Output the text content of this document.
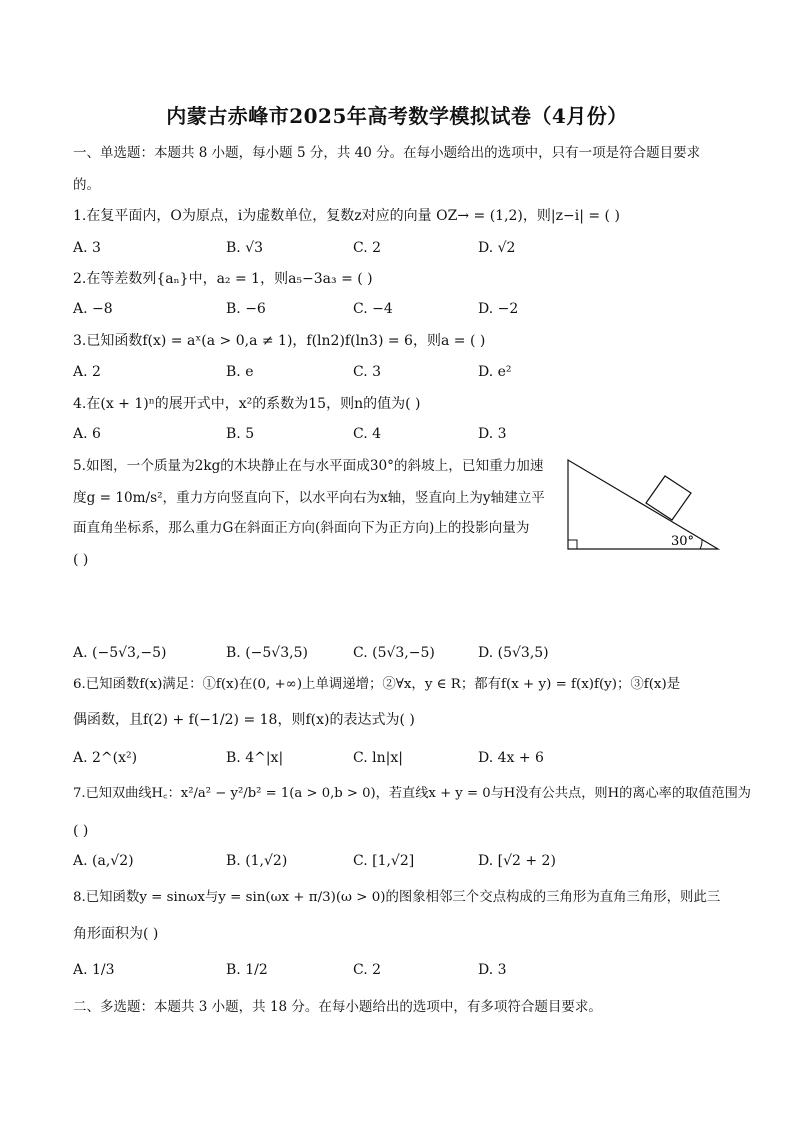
内蒙古赤峰市2025年高考数学模拟试卷（4月份）
一、单选题：本题共 8 小题，每小题 5 分，共 40 分。在每小题给出的选项中，只有一项是符合题目要求
的。
1.在复平面内，O为原点，i为虚数单位，复数z对应的向量 OZ→ = (1,2)，则|z−i| = ( )
A. 3	B. √3	C. 2	D. √2
2.在等差数列{aₙ}中，a₂ = 1，则a₅−3a₃ = ( )
A. −8	B. −6	C. −4	D. −2
3.已知函数f(x) = aˣ(a > 0,a ≠ 1)，f(ln2)f(ln3) = 6，则a = ( )
A. 2	B. e	C. 3	D. e²
4.在(x + 1)ⁿ的展开式中，x²的系数为15，则n的值为( )
A. 6	B. 5	C. 4	D. 3
5.如图，一个质量为2kg的木块静止在与水平面成30°的斜坡上，已知重力加速
度g = 10m/s²，重力方向竖直向下，以水平向右为x轴，竖直向上为y轴建立平
面直角坐标系，那么重力G在斜面正方向(斜面向下为正方向)上的投影向量为
( )
30°
A. (−5√3,−5)	B. (−5√3,5)	C. (5√3,−5)	D. (5√3,5)
6.已知函数f(x)满足：①f(x)在(0, +∞)上单调递增；②∀x，y ∈ R；都有f(x + y) = f(x)f(y)；③f(x)是
偶函数，且f(2) + f(−1/2) = 18，则f(x)的表达式为( )
A. 2^(x²)	B. 4^|x|	C. ln|x|	D. 4x + 6
7.已知双曲线H꜀：x²/a² − y²/b² = 1(a > 0,b > 0)，若直线x + y = 0与H没有公共点，则H的离心率的取值范围为
( )
A. (a,√2)	B. (1,√2)	C. [1,√2]	D. [√2 + 2)
8.已知函数y = sinωx与y = sin(ωx + π/3)(ω > 0)的图象相邻三个交点构成的三角形为直角三角形，则此三
角形面积为( )
A. 1/3	B. 1/2	C. 2	D. 3
二、多选题：本题共 3 小题，共 18 分。在每小题给出的选项中，有多项符合题目要求。
